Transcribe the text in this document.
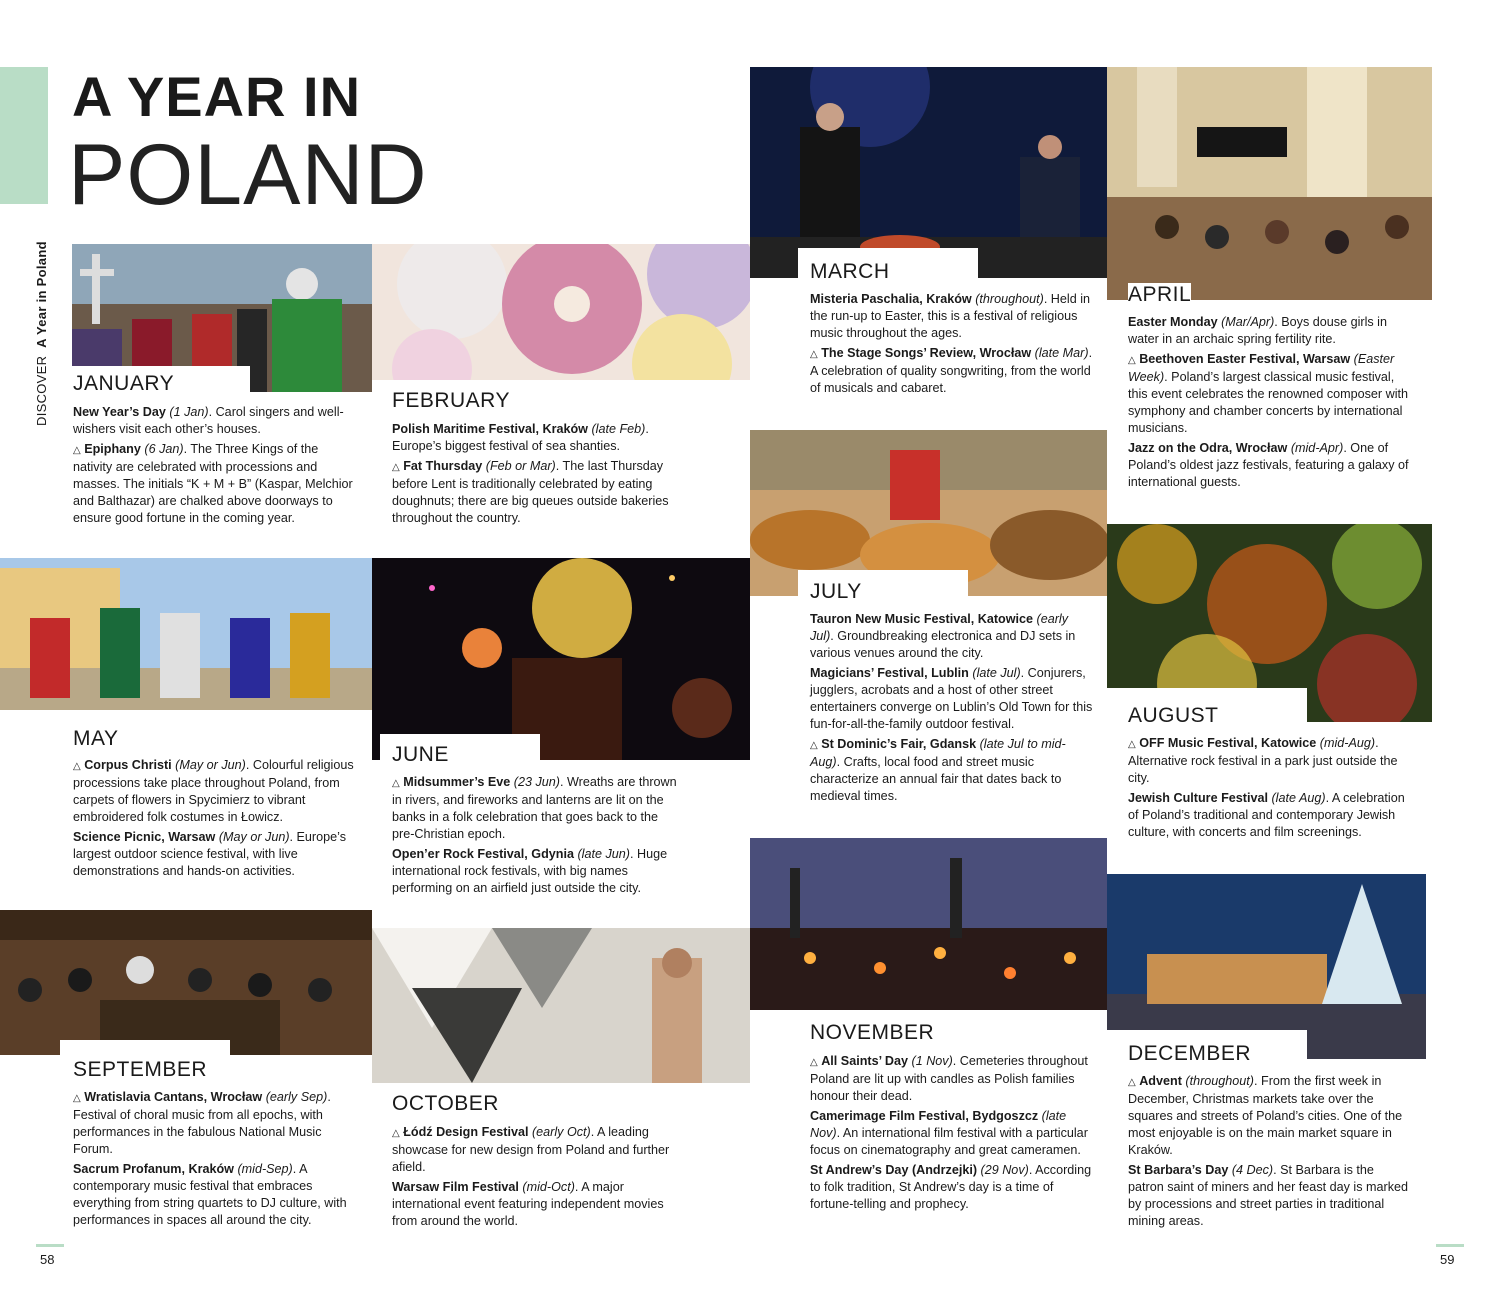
DISCOVER  A Year in Poland
A YEAR IN
POLAND
JANUARY

New Year’s Day (1 Jan). Carol singers and well-wishers visit each other’s houses.

△ Epiphany (6 Jan). The Three Kings of the nativity are celebrated with processions and masses. The initials “K + M + B” (Kaspar, Melchior and Balthazar) are chalked above doorways to ensure good fortune in the coming year.

FEBRUARY

Polish Maritime Festival, Kraków (late Feb). Europe’s biggest festival of sea shanties.

△ Fat Thursday (Feb or Mar). The last Thursday before Lent is traditionally celebrated by eating doughnuts; there are big queues outside bakeries throughout the country.

MARCH

Misteria Paschalia, Kraków (throughout). Held in the run-up to Easter, this is a festival of religious music throughout the ages.

△ The Stage Songs’ Review, Wrocław (late Mar). A celebration of quality songwriting, from the world of musicals and cabaret.

APRIL

Easter Monday (Mar/Apr). Boys douse girls in water in an archaic spring fertility rite.

△ Beethoven Easter Festival, Warsaw (Easter Week). Poland’s largest classical music festival, this event celebrates the renowned composer with symphony and chamber concerts by international musicians.

Jazz on the Odra, Wrocław (mid-Apr). One of Poland’s oldest jazz festivals, featuring a galaxy of international guests.

MAY

△ Corpus Christi (May or Jun). Colourful religious processions take place throughout Poland, from carpets of flowers in Spycimierz to vibrant embroidered folk costumes in Łowicz.

Science Picnic, Warsaw (May or Jun). Europe’s largest outdoor science festival, with live demonstrations and hands-on activities.

JUNE

△ Midsummer’s Eve (23 Jun). Wreaths are thrown in rivers, and fireworks and lanterns are lit on the banks in a folk celebration that goes back to the pre-Christian epoch.

Open’er Rock Festival, Gdynia (late Jun). Huge international rock festivals, with big names performing on an airfield just outside the city.

JULY

Tauron New Music Festival, Katowice (early Jul). Groundbreaking electronica and DJ sets in various venues around the city.

Magicians’ Festival, Lublin (late Jul). Conjurers, jugglers, acrobats and a host of other street entertainers converge on Lublin’s Old Town for this fun-for-all-the-family outdoor festival.

△ St Dominic’s Fair, Gdansk (late Jul to mid-Aug). Crafts, local food and street music characterize an annual fair that dates back to medieval times.

AUGUST

△ OFF Music Festival, Katowice (mid-Aug). Alternative rock festival in a park just outside the city.

Jewish Culture Festival (late Aug). A celebration of Poland’s traditional and contemporary Jewish culture, with concerts and film screenings.

SEPTEMBER

△ Wratislavia Cantans, Wrocław (early Sep). Festival of choral music from all epochs, with performances in the fabulous National Music Forum.

Sacrum Profanum, Kraków (mid-Sep). A contemporary music festival that embraces everything from string quartets to DJ culture, with performances in spaces all around the city.

OCTOBER

△ Łódź Design Festival (early Oct). A leading showcase for new design from Poland and further afield.

Warsaw Film Festival (mid-Oct). A major international event featuring independent movies from around the world.

NOVEMBER

△ All Saints’ Day (1 Nov). Cemeteries throughout Poland are lit up with candles as Polish families honour their dead.

Camerimage Film Festival, Bydgoszcz (late Nov). An international film festival with a particular focus on cinematography and great cameramen.

St Andrew’s Day (Andrzejki) (29 Nov). According to folk tradition, St Andrew’s day is a time of fortune-telling and prophecy.

DECEMBER

△ Advent (throughout). From the first week in December, Christmas markets take over the squares and streets of Poland’s cities. One of the most enjoyable is on the main market square in Kraków.

St Barbara’s Day (4 Dec). St Barbara is the patron saint of miners and her feast day is marked by processions and street parties in traditional mining areas.

58	59
